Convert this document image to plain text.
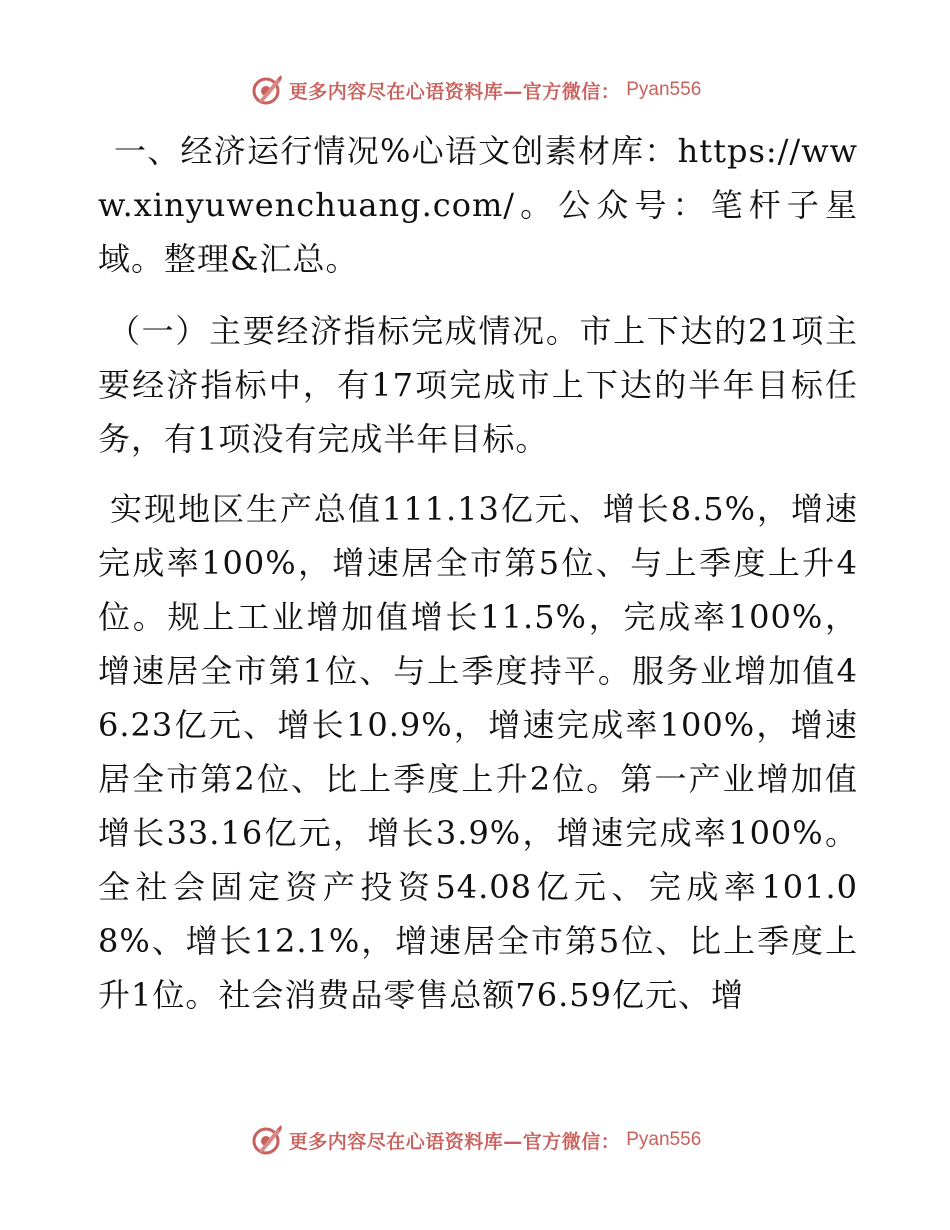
更多内容尽在心语资料库—官方微信： Pyan556

一、经济运行情况%心语文创素材库：https://www.xinyuwenchuang.com/。公众号：笔杆子星域。整理&汇总。

（一）主要经济指标完成情况。市上下达的21项主要经济指标中，有17项完成市上下达的半年目标任务，有1项没有完成半年目标。

实现地区生产总值111.13亿元、增长8.5%，增速完成率100%，增速居全市第5位、与上季度上升4位。规上工业增加值增长11.5%，完成率100%，增速居全市第1位、与上季度持平。服务业增加值46.23亿元、增长10.9%，增速完成率100%，增速居全市第2位、比上季度上升2位。第一产业增加值增长33.16亿元，增长3.9%，增速完成率100%。全社会固定资产投资54.08亿元、完成率101.08%、增长12.1%，增速居全市第5位、比上季度上升1位。社会消费品零售总额76.59亿元、增

更多内容尽在心语资料库—官方微信： Pyan556
